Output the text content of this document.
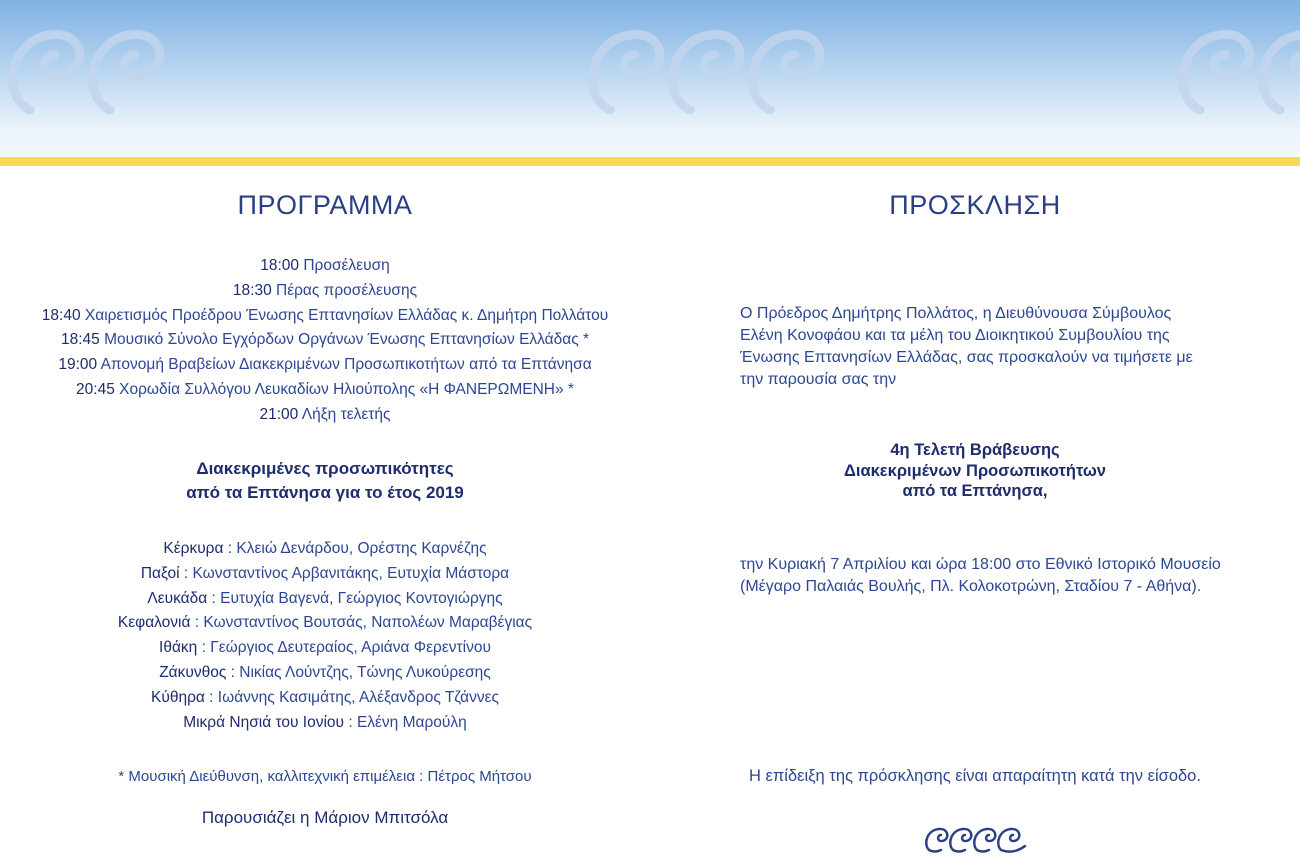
ΠΡΟΓΡΑΜΜΑ
18:00 Προσέλευση
18:30 Πέρας προσέλευσης
18:40 Χαιρετισμός Προέδρου Ένωσης Επτανησίων Ελλάδας κ. Δημήτρη Πολλάτου
18:45 Μουσικό Σύνολο Εγχόρδων Οργάνων Ένωσης Επτανησίων Ελλάδας *
19:00 Απονομή Βραβείων Διακεκριμένων Προσωπικοτήτων από τα Επτάνησα
20:45 Χορωδία Συλλόγου Λευκαδίων Ηλιούπολης «Η ΦΑΝΕΡΩΜΕΝΗ» *
21:00 Λήξη τελετής
Διακεκριμένες προσωπικότητες
από τα Επτάνησα για το έτος 2019
Κέρκυρα : Κλειώ Δενάρδου, Ορέστης Καρνέζης
Παξοί : Κωνσταντίνος Αρβανιτάκης, Ευτυχία Μάστορα
Λευκάδα : Ευτυχία Βαγενά, Γεώργιος Κοντογιώργης
Κεφαλονιά : Κωνσταντίνος Βουτσάς, Ναπολέων Μαραβέγιας
Ιθάκη : Γεώργιος Δευτεραίος, Αριάνα Φερεντίνου
Ζάκυνθος : Νικίας Λούντζης, Τώνης Λυκούρεσης
Κύθηρα : Ιωάννης Κασιμάτης, Αλέξανδρος Τζάννες
Μικρά Νησιά του Ιονίου : Ελένη Μαρούλη
* Μουσική Διεύθυνση, καλλιτεχνική επιμέλεια : Πέτρος Μήτσου
Παρουσιάζει η Μάριον Μπιτσόλα
ΠΡΟΣΚΛΗΣΗ
Ο Πρόεδρος Δημήτρης Πολλάτος, η Διευθύνουσα Σύμβουλος
Ελένη Κονοφάου και τα μέλη του Διοικητικού Συμβουλίου της
Ένωσης Επτανησίων Ελλάδας, σας προσκαλούν να τιμήσετε με
την παρουσία σας την
4η Τελετή Βράβευσης
Διακεκριμένων Προσωπικοτήτων
από τα Επτάνησα,
την Κυριακή 7 Απριλίου και ώρα 18:00 στο Εθνικό Ιστορικό Μουσείο
(Μέγαρο Παλαιάς Βουλής, Πλ. Κολοκοτρώνη, Σταδίου 7 - Αθήνα).
Η επίδειξη της πρόσκλησης είναι απαραίτητη κατά την είσοδο.
